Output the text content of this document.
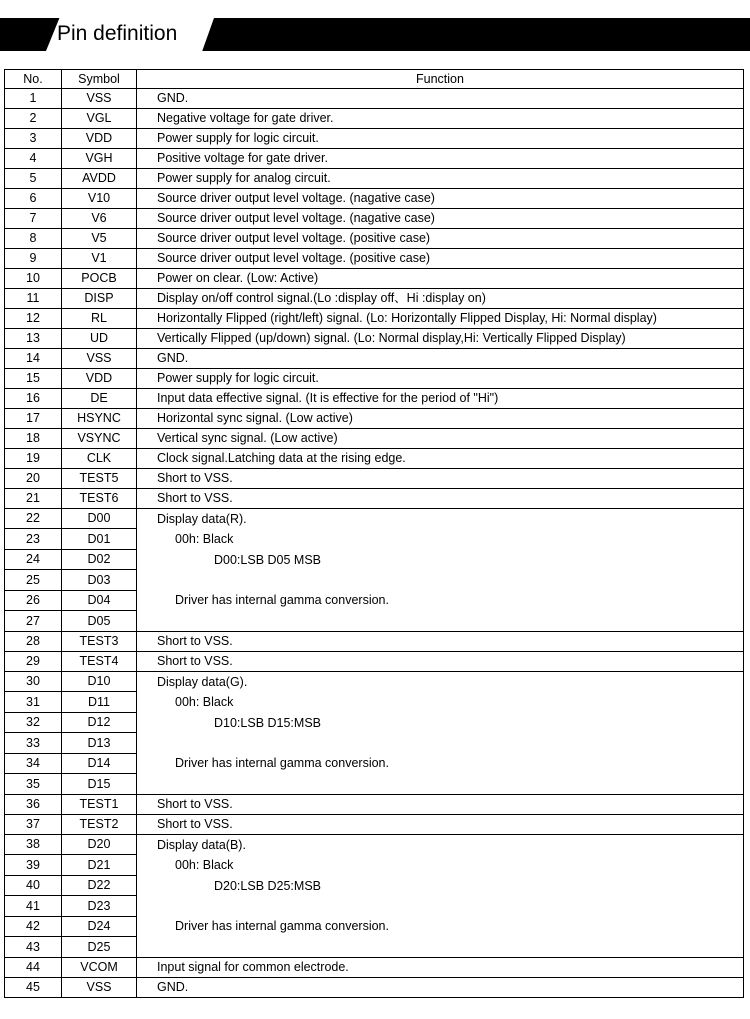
Pin definition
No.	Symbol	Function
1	VSS	GND.
2	VGL	Negative voltage for gate driver.
3	VDD	Power supply for logic circuit.
4	VGH	Positive voltage for gate driver.
5	AVDD	Power supply for analog circuit.
6	V10	Source driver output level voltage. (nagative case)
7	V6	Source driver output level voltage. (nagative case)
8	V5	Source driver output level voltage. (positive case)
9	V1	Source driver output level voltage. (positive case)
10	POCB	Power on clear. (Low: Active)
11	DISP	Display on/off control signal.(Lo :display off、Hi :display on)
12	RL	Horizontally Flipped (right/left) signal. (Lo: Horizontally Flipped Display, Hi: Normal display)
13	UD	Vertically Flipped (up/down) signal. (Lo: Normal display,Hi: Vertically Flipped Display)
14	VSS	GND.
15	VDD	Power supply for logic circuit.
16	DE	Input data effective signal. (It is effective for the period of "Hi")
17	HSYNC	Horizontal sync signal. (Low active)
18	VSYNC	Vertical sync signal. (Low active)
19	CLK	Clock signal.Latching data at the rising edge.
20	TEST5	Short to VSS.
21	TEST6	Short to VSS.
22	D00	Display data(R).
00h: Black
D00:LSB D05 MSB

Driver has internal gamma conversion.

23	D01	
24	D02	
25	D03	
26	D04	
27	D05	
28	TEST3	Short to VSS.
29	TEST4	Short to VSS.
30	D10	Display data(G).
00h: Black
D10:LSB D15:MSB

Driver has internal gamma conversion.

31	D11	
32	D12	
33	D13	
34	D14	
35	D15	
36	TEST1	Short to VSS.
37	TEST2	Short to VSS.
38	D20	Display data(B).
00h: Black
D20:LSB D25:MSB

Driver has internal gamma conversion.

39	D21	
40	D22	
41	D23	
42	D24	
43	D25	
44	VCOM	Input signal for common electrode.
45	VSS	GND.
